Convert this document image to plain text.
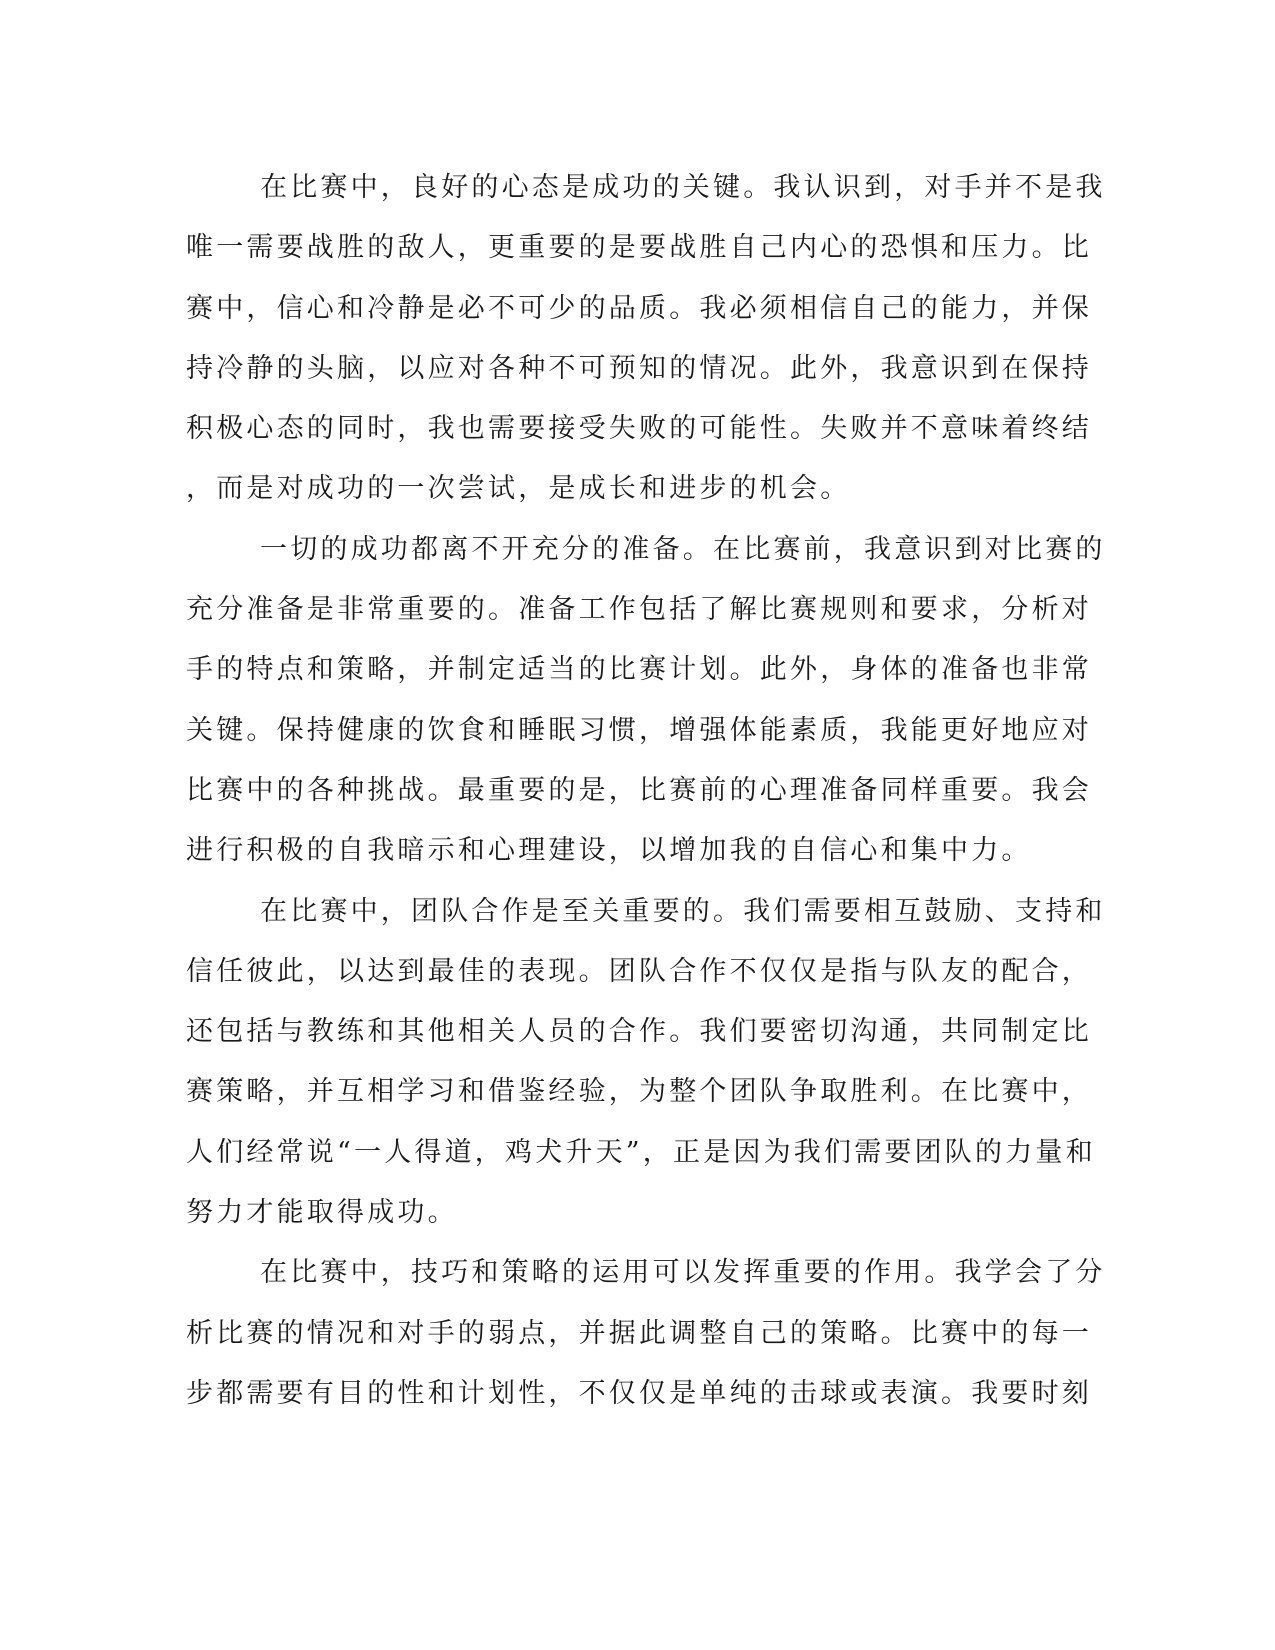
在比赛中，良好的心态是成功的关键。我认识到，对手并不是我
唯一需要战胜的敌人，更重要的是要战胜自己内心的恐惧和压力。比
赛中，信心和冷静是必不可少的品质。我必须相信自己的能力，并保
持冷静的头脑，以应对各种不可预知的情况。此外，我意识到在保持
积极心态的同时，我也需要接受失败的可能性。失败并不意味着终结
，而是对成功的一次尝试，是成长和进步的机会。
一切的成功都离不开充分的准备。在比赛前，我意识到对比赛的
充分准备是非常重要的。准备工作包括了解比赛规则和要求，分析对
手的特点和策略，并制定适当的比赛计划。此外，身体的准备也非常
关键。保持健康的饮食和睡眠习惯，增强体能素质，我能更好地应对
比赛中的各种挑战。最重要的是，比赛前的心理准备同样重要。我会
进行积极的自我暗示和心理建设，以增加我的自信心和集中力。
在比赛中，团队合作是至关重要的。我们需要相互鼓励、支持和
信任彼此，以达到最佳的表现。团队合作不仅仅是指与队友的配合，
还包括与教练和其他相关人员的合作。我们要密切沟通，共同制定比
赛策略，并互相学习和借鉴经验，为整个团队争取胜利。在比赛中，
人们经常说“一人得道，鸡犬升天”，正是因为我们需要团队的力量和
努力才能取得成功。
在比赛中，技巧和策略的运用可以发挥重要的作用。我学会了分
析比赛的情况和对手的弱点，并据此调整自己的策略。比赛中的每一
步都需要有目的性和计划性，不仅仅是单纯的击球或表演。我要时刻
